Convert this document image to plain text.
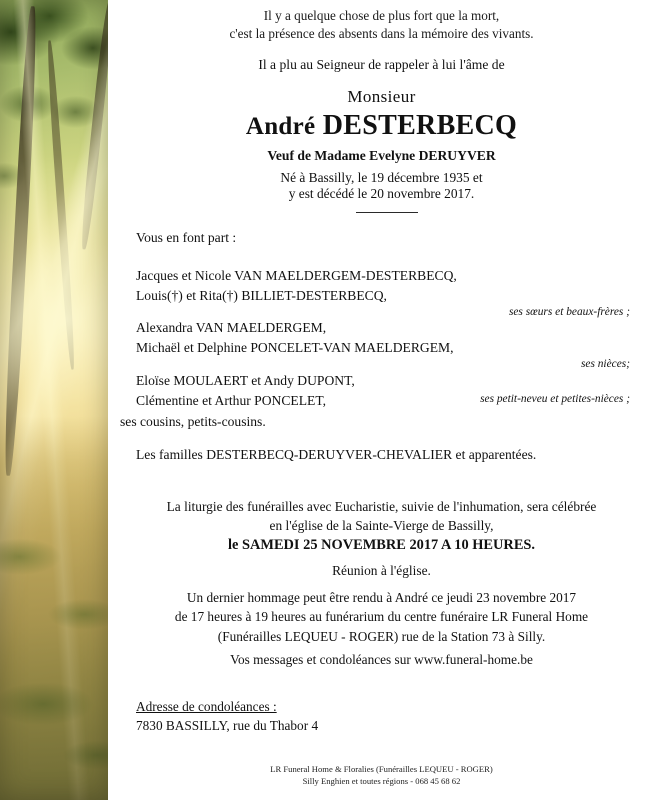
Il y a quelque chose de plus fort que la mort,
c'est la présence des absents dans la mémoire des vivants.
Il a plu au Seigneur de rappeler à lui l'âme de
Monsieur
André DESTERBECQ
Veuf de Madame Evelyne DERUYVER
Né à Bassilly, le 19 décembre 1935 et
y est décédé le 20 novembre 2017.
Vous en font part :
Jacques et Nicole VAN MAELDERGEM-DESTERBECQ,
Louis(†) et Rita(†) BILLIET-DESTERBECQ,
ses sœurs et beaux-frères ;
Alexandra VAN MAELDERGEM,
Michaël et Delphine PONCELET-VAN MAELDERGEM,
ses nièces;
Eloïse MOULAERT et Andy DUPONT,
ses petit-neveu et petites-nièces ;
Clémentine et Arthur PONCELET,
ses cousins, petits-cousins.
Les familles DESTERBECQ-DERUYVER-CHEVALIER et apparentées.
La liturgie des funérailles avec Eucharistie, suivie de l'inhumation, sera célébrée
en l'église de la Sainte-Vierge de Bassilly,
le SAMEDI 25 NOVEMBRE 2017 A 10 HEURES.
Réunion à l'église.
Un dernier hommage peut être rendu à André ce jeudi 23 novembre 2017
de 17 heures à 19 heures au funérarium du centre funéraire LR Funeral Home
(Funérailles LEQUEU - ROGER) rue de la Station 73 à Silly.
Vos messages et condoléances sur www.funeral-home.be
Adresse de condoléances :
7830 BASSILLY, rue du Thabor 4
LR Funeral Home & Floralies (Funérailles LEQUEU - ROGER)
Silly Enghien et toutes régions - 068 45 68 62
